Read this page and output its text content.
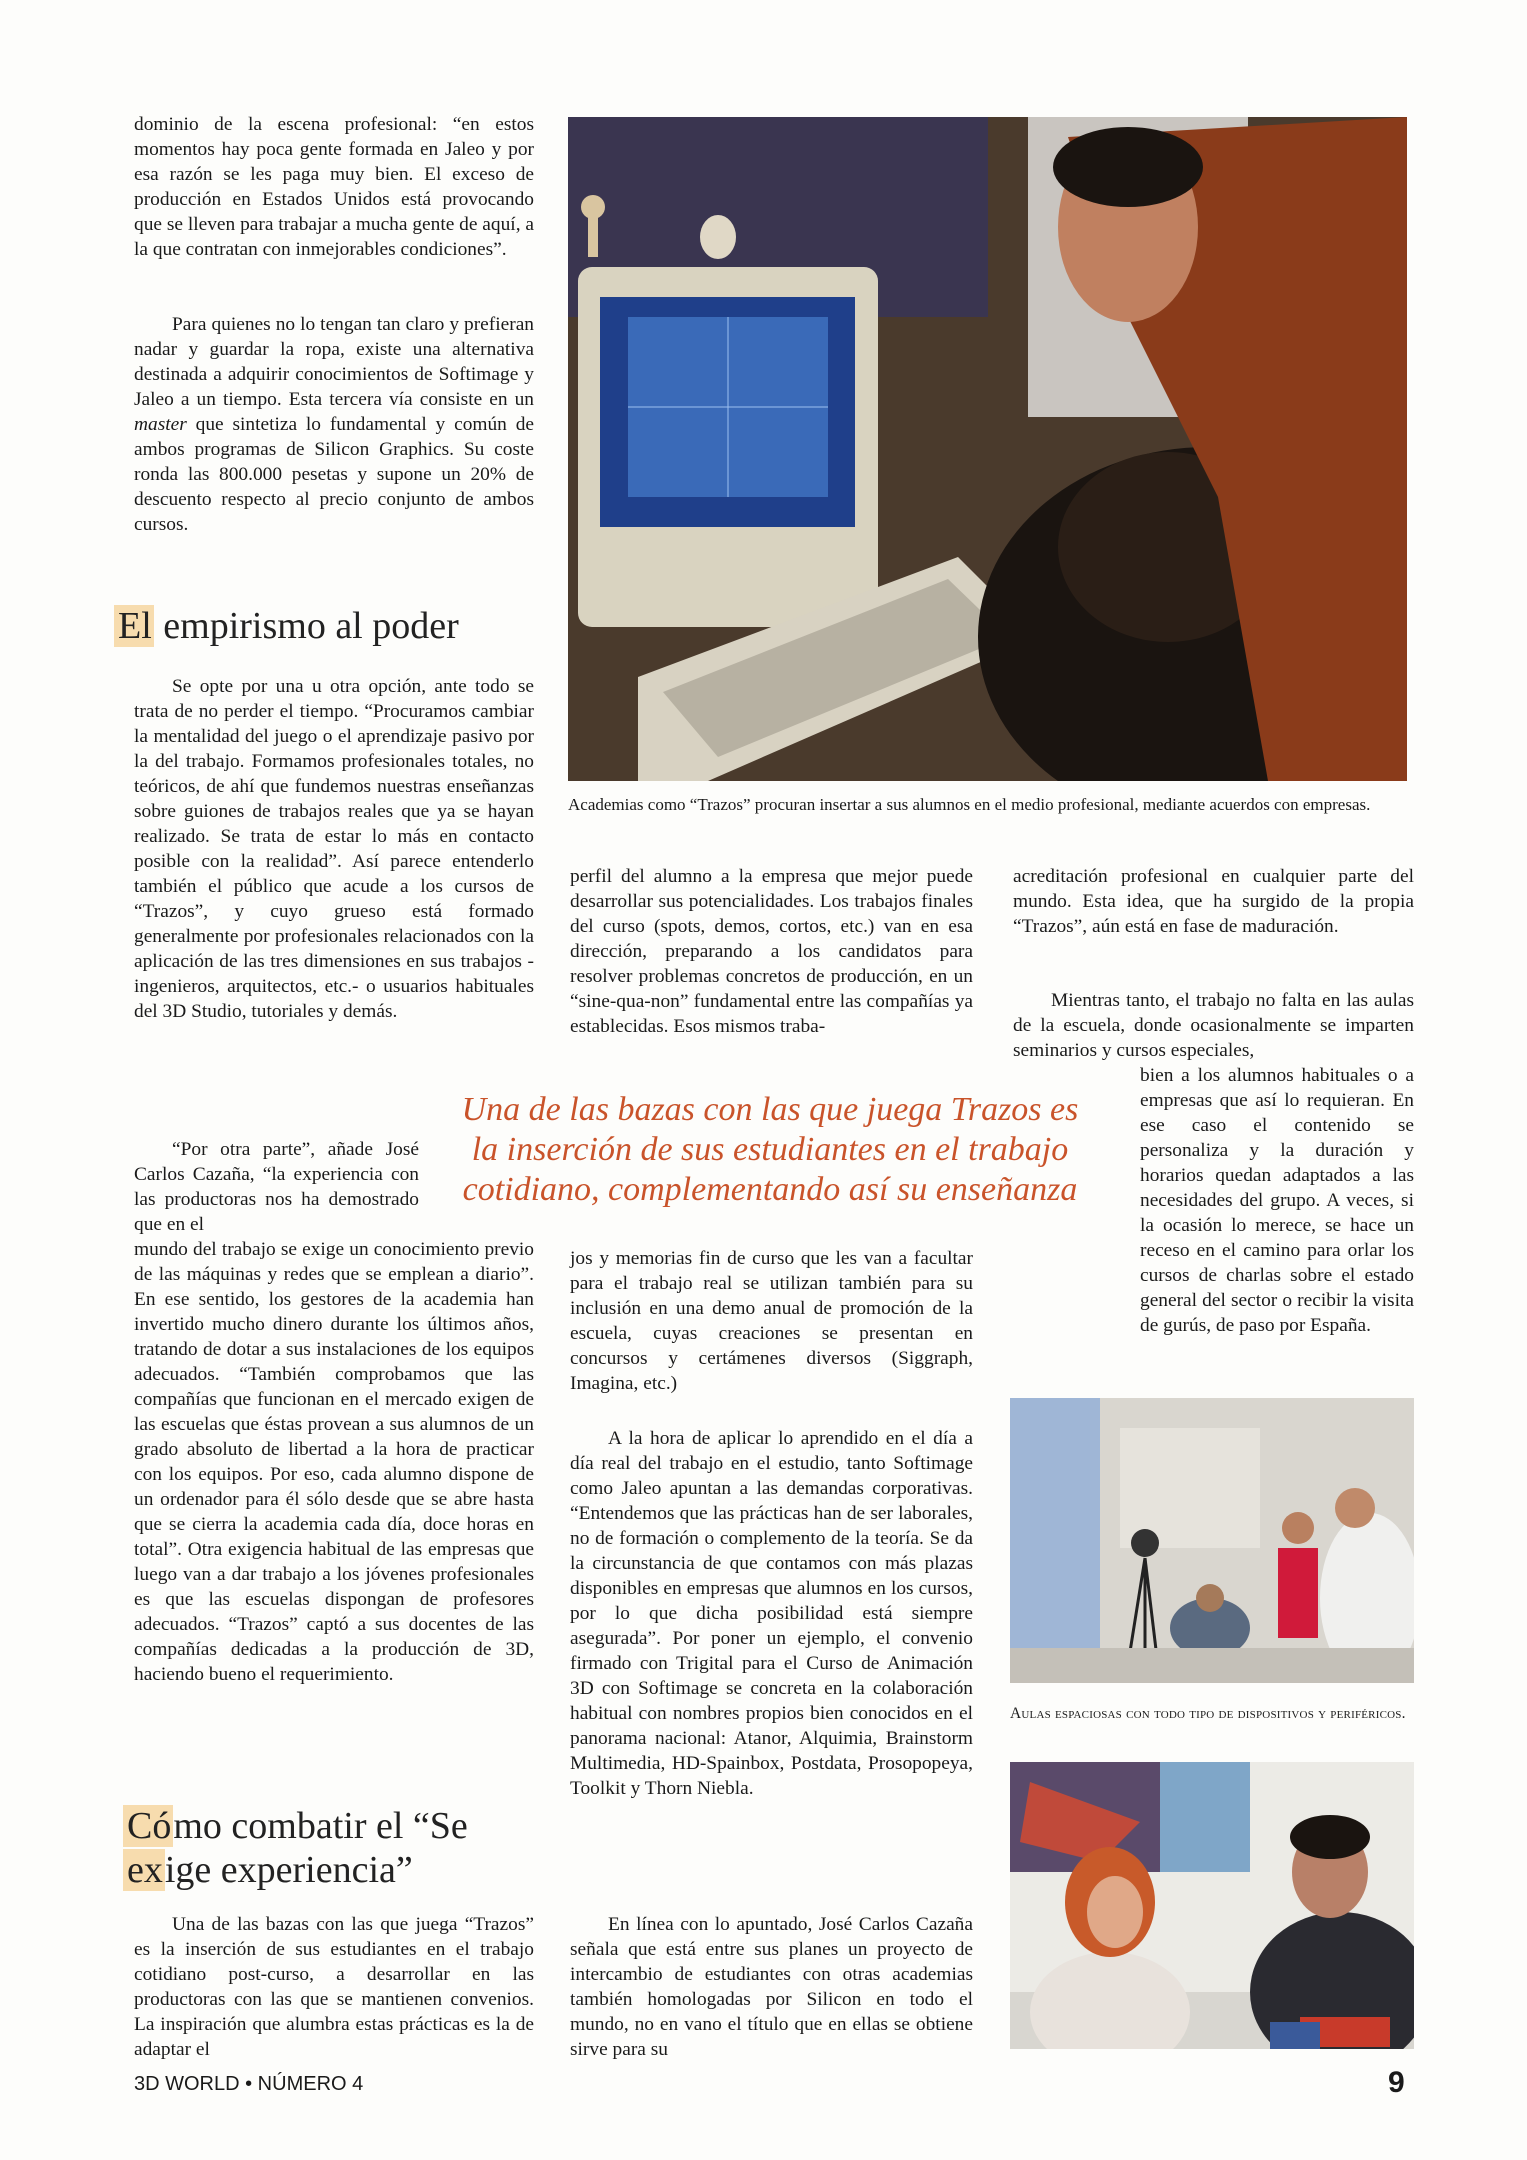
dominio de la escena profesional: “en estos momentos hay poca gente formada en Jaleo y por esa razón se les paga muy bien. El exceso de producción en Estados Unidos está provocando que se lleven para trabajar a mucha gente de aquí, a la que contratan con inmejorables condiciones”.
Para quienes no lo tengan tan claro y prefieran nadar y guardar la ropa, existe una alternativa destinada a adquirir conocimientos de Softimage y Jaleo a un tiempo. Esta tercera vía consiste en un master que sintetiza lo fundamental y común de ambos programas de Silicon Graphics. Su coste ronda las 800.000 pesetas y supone un 20% de descuento respecto al precio conjunto de ambos cursos.
El empirismo al poder
Se opte por una u otra opción, ante todo se trata de no perder el tiempo. “Procuramos cambiar la mentalidad del juego o el aprendizaje pasivo por la del trabajo. Formamos profesionales totales, no teóricos, de ahí que fundemos nuestras enseñanzas sobre guiones de trabajos reales que ya se hayan realizado. Se trata de estar lo más en contacto posible con la realidad”. Así parece entenderlo también el público que acude a los cursos de “Trazos”, y cuyo grueso está formado generalmente por profesionales relacionados con la aplicación de las tres dimensiones en sus trabajos - ingenieros, arquitectos, etc.- o usuarios habituales del 3D Studio, tutoriales y demás.
“Por otra parte”, añade José Carlos Cazaña, “la experiencia con las productoras nos ha demostrado que en el
mundo del trabajo se exige un conocimiento previo de las máquinas y redes que se emplean a diario”. En ese sentido, los gestores de la academia han invertido mucho dinero durante los últimos años, tratando de dotar a sus instalaciones de los equipos adecuados. “También comprobamos que las compañías que funcionan en el mercado exigen de las escuelas que éstas provean a sus alumnos de un grado absoluto de libertad a la hora de practicar con los equipos. Por eso, cada alumno dispone de un ordenador para él sólo desde que se abre hasta que se cierra la academia cada día, doce horas en total”. Otra exigencia habitual de las empresas que luego van a dar trabajo a los jóvenes profesionales es que las escuelas dispongan de profesores adecuados. “Trazos” captó a sus docentes de las compañías dedicadas a la producción de 3D, haciendo bueno el requerimiento.
Cómo combatir el “Se
exige experiencia”
Una de las bazas con las que juega “Trazos” es la inserción de sus estudiantes en el trabajo cotidiano post-curso, a desarrollar en las productoras con las que se mantienen convenios. La inspiración que alumbra estas prácticas es la de adaptar el
Academias como “Trazos” procuran insertar a sus alumnos en el medio profesional, mediante acuerdos con empresas.
perfil del alumno a la empresa que mejor puede desarrollar sus potencialidades. Los trabajos finales del curso (spots, demos, cortos, etc.) van en esa dirección, preparando a los candidatos para resolver problemas concretos de producción, en un “sine-qua-non” fundamental entre las compañías ya establecidas. Esos mismos traba-
Una de las bazas con las que juega Trazos es
la inserción de sus estudiantes en el trabajo
cotidiano, complementando así su enseñanza
jos y memorias fin de curso que les van a facultar para el trabajo real se utilizan también para su inclusión en una demo anual de promoción de la escuela, cuyas creaciones se presentan en concursos y certámenes diversos (Siggraph, Imagina, etc.)
A la hora de aplicar lo aprendido en el día a día real del trabajo en el estudio, tanto Softimage como Jaleo apuntan a las demandas corporativas. “Entendemos que las prácticas han de ser laborales, no de formación o complemento de la teoría. Se da la circunstancia de que contamos con más plazas disponibles en empresas que alumnos en los cursos, por lo que dicha posibilidad está siempre asegurada”. Por poner un ejemplo, el convenio firmado con Trigital para el Curso de Animación 3D con Softimage se concreta en la colaboración habitual con nombres propios bien conocidos en el panorama nacional: Atanor, Alquimia, Brainstorm Multimedia, HD-Spainbox, Postdata, Prosopopeya, Toolkit y Thorn Niebla.
En línea con lo apuntado, José Carlos Cazaña señala que está entre sus planes un proyecto de intercambio de estudiantes con otras academias también homologadas por Silicon en todo el mundo, no en vano el título que en ellas se obtiene sirve para su
acreditación profesional en cualquier parte del mundo. Esta idea, que ha surgido de la propia “Trazos”, aún está en fase de maduración.
Mientras tanto, el trabajo no falta en las aulas de la escuela, donde ocasionalmente se imparten seminarios y cursos especiales,
bien a los alumnos habituales o a empresas que así lo requieran. En ese caso el contenido se personaliza y la duración y horarios quedan adaptados a las necesidades del grupo. A veces, si la ocasión lo merece, se hace un receso en el camino para orlar los cursos de charlas sobre el estado general del sector o recibir la visita de gurús, de paso por España.
Aulas espaciosas con todo tipo de dispositivos y periféricos.
3D WORLD • NÚMERO 4	9
